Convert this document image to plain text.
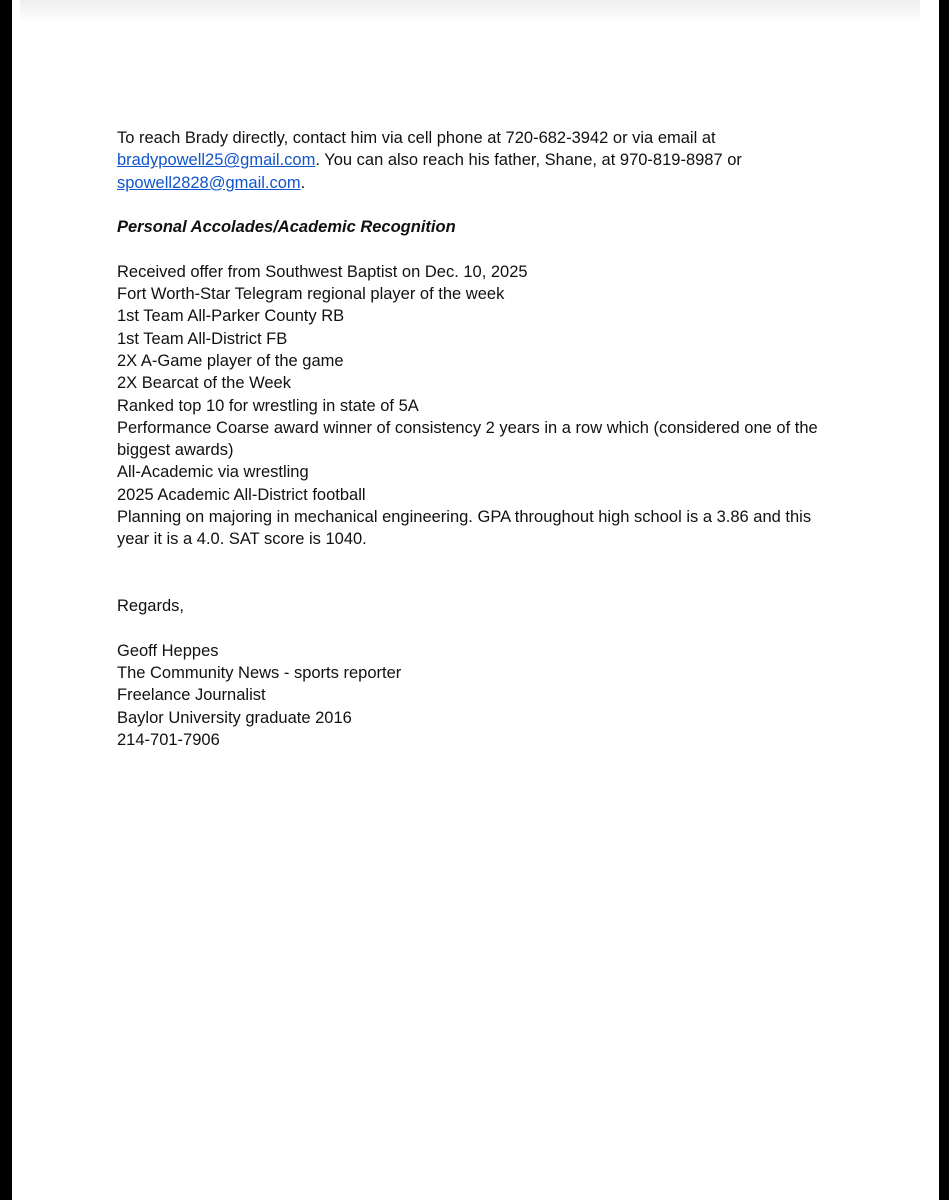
To reach Brady directly, contact him via cell phone at 720-682-3942 or via email at bradypowell25@gmail.com. You can also reach his father, Shane, at 970-819-8987 or spowell2828@gmail.com.

Personal Accolades/Academic Recognition

Received offer from Southwest Baptist on Dec. 10, 2025
Fort Worth-Star Telegram regional player of the week
1st Team All-Parker County RB
1st Team All-District FB
2X A-Game player of the game
2X Bearcat of the Week
Ranked top 10 for wrestling in state of 5A
Performance Coarse award winner of consistency 2 years in a row which (considered one of the biggest awards)
All-Academic via wrestling
2025 Academic All-District football
Planning on majoring in mechanical engineering. GPA throughout high school is a 3.86 and this year it is a 4.0. SAT score is 1040.

Regards,

Geoff Heppes
The Community News - sports reporter
Freelance Journalist
Baylor University graduate 2016
214-701-7906
